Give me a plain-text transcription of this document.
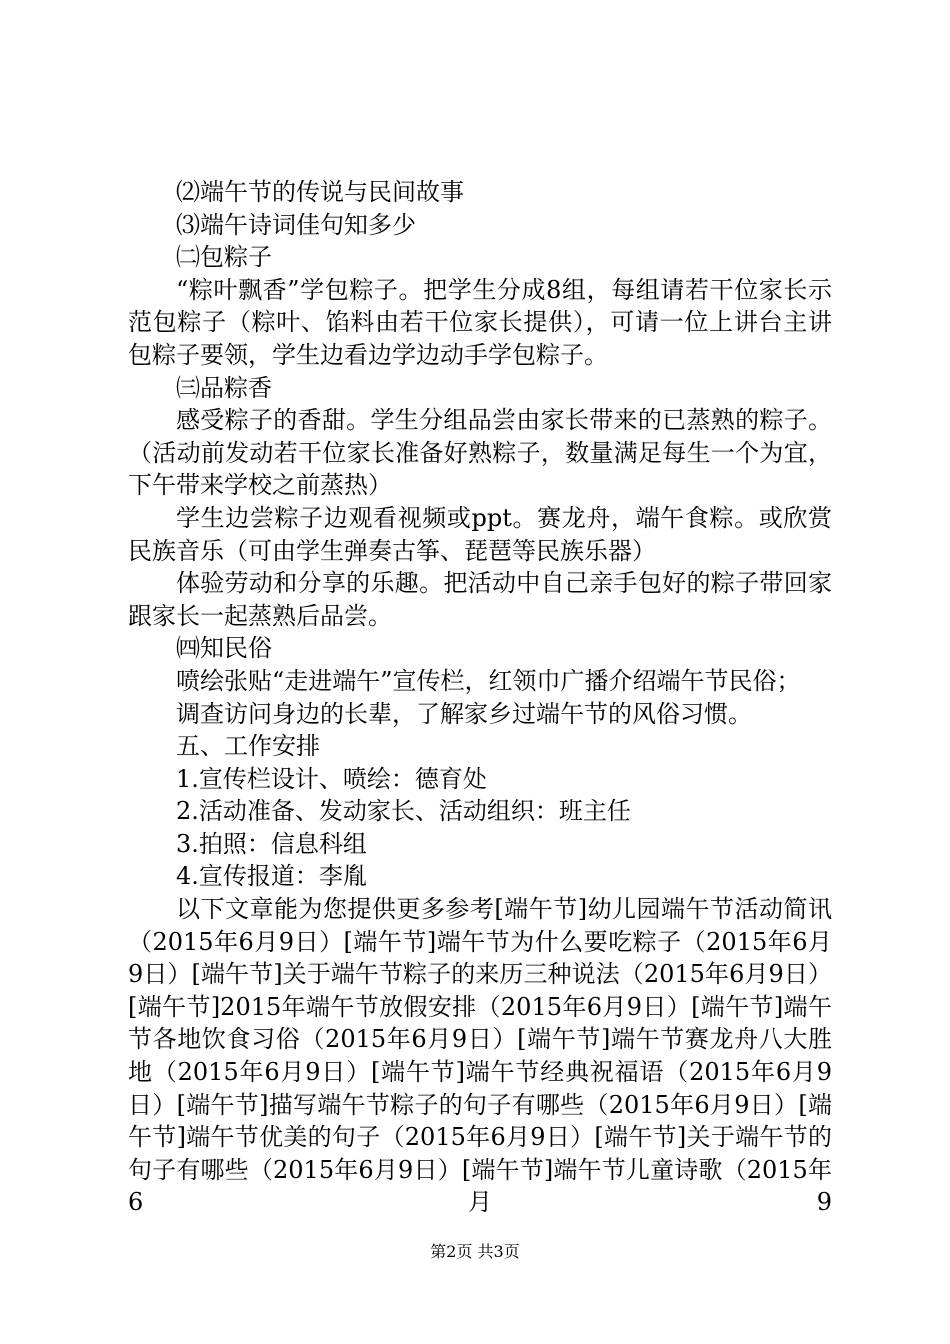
⑵端午节的传说与民间故事

⑶端午诗词佳句知多少

㈡包粽子

“粽叶飘香”学包粽子。把学生分成8组，每组请若干位家长示范包粽子（粽叶、馅料由若干位家长提供），可请一位上讲台主讲包粽子要领，学生边看边学边动手学包粽子。

㈢品粽香

感受粽子的香甜。学生分组品尝由家长带来的已蒸熟的粽子。（活动前发动若干位家长准备好熟粽子，数量满足每生一个为宜，下午带来学校之前蒸热）

学生边尝粽子边观看视频或ppt。赛龙舟，端午食粽。或欣赏民族音乐（可由学生弹奏古筝、琵琶等民族乐器）

体验劳动和分享的乐趣。把活动中自己亲手包好的粽子带回家跟家长一起蒸熟后品尝。

㈣知民俗

喷绘张贴“走进端午”宣传栏，红领巾广播介绍端午节民俗；

调查访问身边的长辈，了解家乡过端午节的风俗习惯。

五、工作安排

1.宣传栏设计、喷绘：德育处

2.活动准备、发动家长、活动组织：班主任

3.拍照：信息科组

4.宣传报道：李胤

以下文章能为您提供更多参考[端午节]幼儿园端午节活动简讯（2015年6月9日）[端午节]端午节为什么要吃粽子（2015年6月9日）[端午节]关于端午节粽子的来历三种说法（2015年6月9日）[端午节]2015年端午节放假安排（2015年6月9日）[端午节]端午节各地饮食习俗（2015年6月9日）[端午节]端午节赛龙舟八大胜地（2015年6月9日）[端午节]端午节经典祝福语（2015年6月9日）[端午节]描写端午节粽子的句子有哪些（2015年6月9日）[端午节]端午节优美的句子（2015年6月9日）[端午节]关于端午节的句子有哪些（2015年6月9日）[端午节]端午节儿童诗歌（2015年6月9

第2页 共3页
